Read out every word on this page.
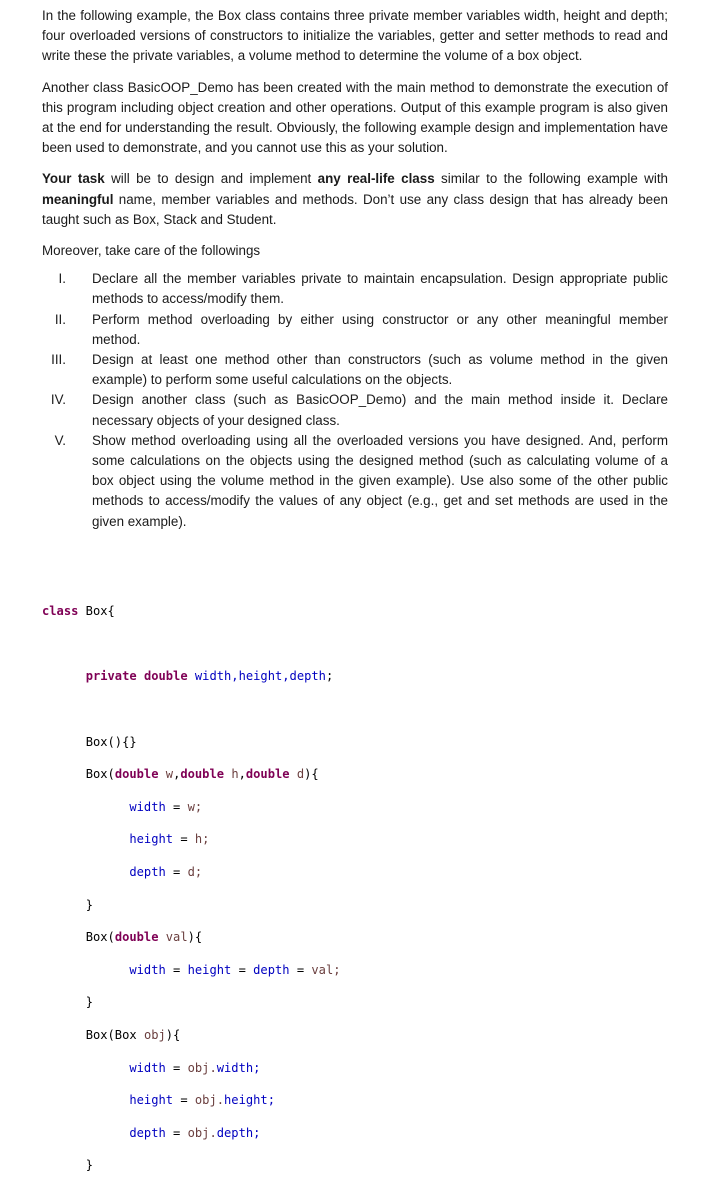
In the following example, the Box class contains three private member variables width, height and depth; four overloaded versions of constructors to initialize the variables, getter and setter methods to read and write these the private variables, a volume method to determine the volume of a box object.

Another class BasicOOP_Demo has been created with the main method to demonstrate the execution of this program including object creation and other operations. Output of this example program is also given at the end for understanding the result. Obviously, the following example design and implementation have been used to demonstrate, and you cannot use this as your solution.

Your task will be to design and implement any real-life class similar to the following example with meaningful name, member variables and methods. Don’t use any class design that has already been taught such as Box, Stack and Student.

Moreover, take care of the followings

I. Declare all the member variables private to maintain encapsulation. Design appropriate public methods to access/modify them.
II. Perform method overloading by either using constructor or any other meaningful member method.
III. Design at least one method other than constructors (such as volume method in the given example) to perform some useful calculations on the objects.
IV. Design another class (such as BasicOOP_Demo) and the main method inside it. Declare necessary objects of your designed class.
V. Show method overloading using all the overloaded versions you have designed. And, perform some calculations on the objects using the designed method (such as calculating volume of a box object using the volume method in the given example). Use also some of the other public methods to access/modify the values of any object (e.g., get and set methods are used in the given example).

class Box{

private double width,height,depth;

Box(){}

Box(double w,double h,double d){

width = w;

height = h;

depth = d;

}

Box(double val){

width = height = depth = val;

}

Box(Box obj){

width = obj.width;

height = obj.height;

depth = obj.depth;

}
